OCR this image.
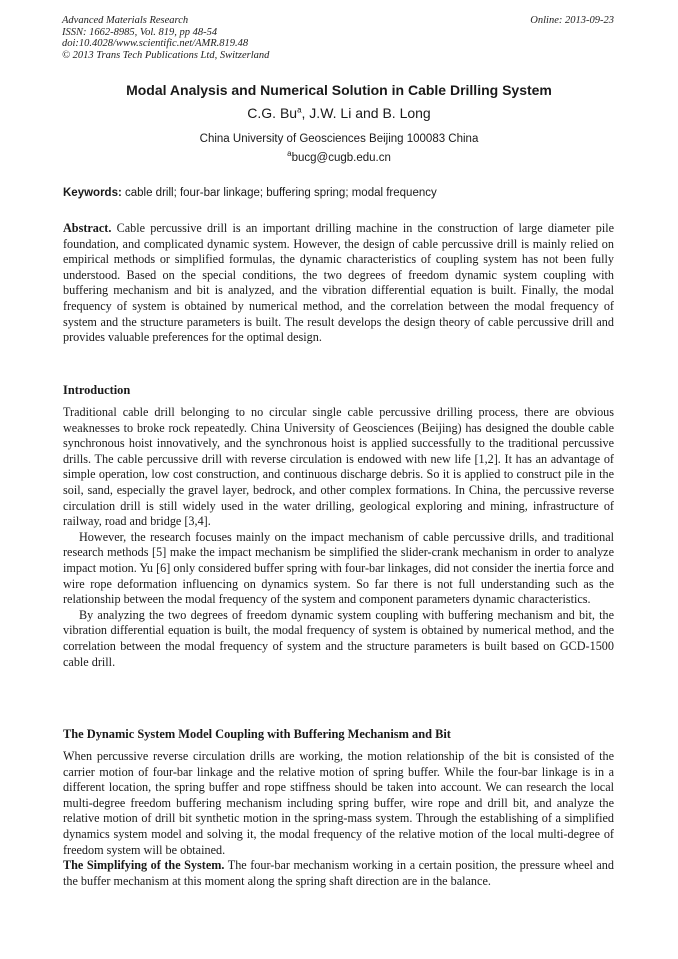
Advanced Materials Research
ISSN: 1662-8985, Vol. 819, pp 48-54
doi:10.4028/www.scientific.net/AMR.819.48
© 2013 Trans Tech Publications Ltd, Switzerland
Online: 2013-09-23
Modal Analysis and Numerical Solution in Cable Drilling System
C.G. Bu$^a$, J.W. Li and B. Long
China University of Geosciences Beijing 100083 China
$^a$bucg@cugb.edu.cn
Keywords: cable drill; four-bar linkage; buffering spring; modal frequency

Abstract. Cable percussive drill is an important drilling machine in the construction of large diameter pile foundation, and complicated dynamic system. However, the design of cable percussive drill is mainly relied on empirical methods or simplified formulas, the dynamic characteristics of coupling system has not been fully understood. Based on the special conditions, the two degrees of freedom dynamic system coupling with buffering mechanism and bit is analyzed, and the vibration differential equation is built. Finally, the modal frequency of system is obtained by numerical method, and the correlation between the modal frequency of system and the structure parameters is built. The result develops the design theory of cable percussive drill and provides valuable preferences for the optimal design.

Introduction

Traditional cable drill belonging to no circular single cable percussive drilling process, there are obvious weaknesses to broke rock repeatedly. China University of Geosciences (Beijing) has designed the double cable synchronous hoist innovatively, and the synchronous hoist is applied successfully to the traditional percussive drills. The cable percussive drill with reverse circulation is endowed with new life [1,2]. It has an advantage of simple operation, low cost construction, and continuous discharge debris. So it is applied to construct pile in the soil, sand, especially the gravel layer, bedrock, and other complex formations. In China, the percussive reverse circulation drill is still widely used in the water drilling, geological exploring and mining, infrastructure of railway, road and bridge [3,4].

However, the research focuses mainly on the impact mechanism of cable percussive drills, and traditional research methods [5] make the impact mechanism be simplified the slider-crank mechanism in order to analyze impact motion. Yu [6] only considered buffer spring with four-bar linkages, did not consider the inertia force and wire rope deformation influencing on dynamics system. So far there is not full understanding such as the relationship between the modal frequency of the system and component parameters dynamic characteristics.

By analyzing the two degrees of freedom dynamic system coupling with buffering mechanism and bit, the vibration differential equation is built, the modal frequency of system is obtained by numerical method, and the correlation between the modal frequency of system and the structure parameters is built based on GCD-1500 cable drill.

The Dynamic System Model Coupling with Buffering Mechanism and Bit

When percussive reverse circulation drills are working, the motion relationship of the bit is consisted of the carrier motion of four-bar linkage and the relative motion of spring buffer. While the four-bar linkage is in a different location, the spring buffer and rope stiffness should be taken into account. We can research the local multi-degree freedom buffering mechanism including spring buffer, wire rope and drill bit, and analyze the relative motion of drill bit synthetic motion in the spring-mass system. Through the establishing of a simplified dynamics system model and solving it, the modal frequency of the relative motion of the local multi-degree of freedom system will be obtained.

The Simplifying of the System. The four-bar mechanism working in a certain position, the pressure wheel and the buffer mechanism at this moment along the spring shaft direction are in the balance.
